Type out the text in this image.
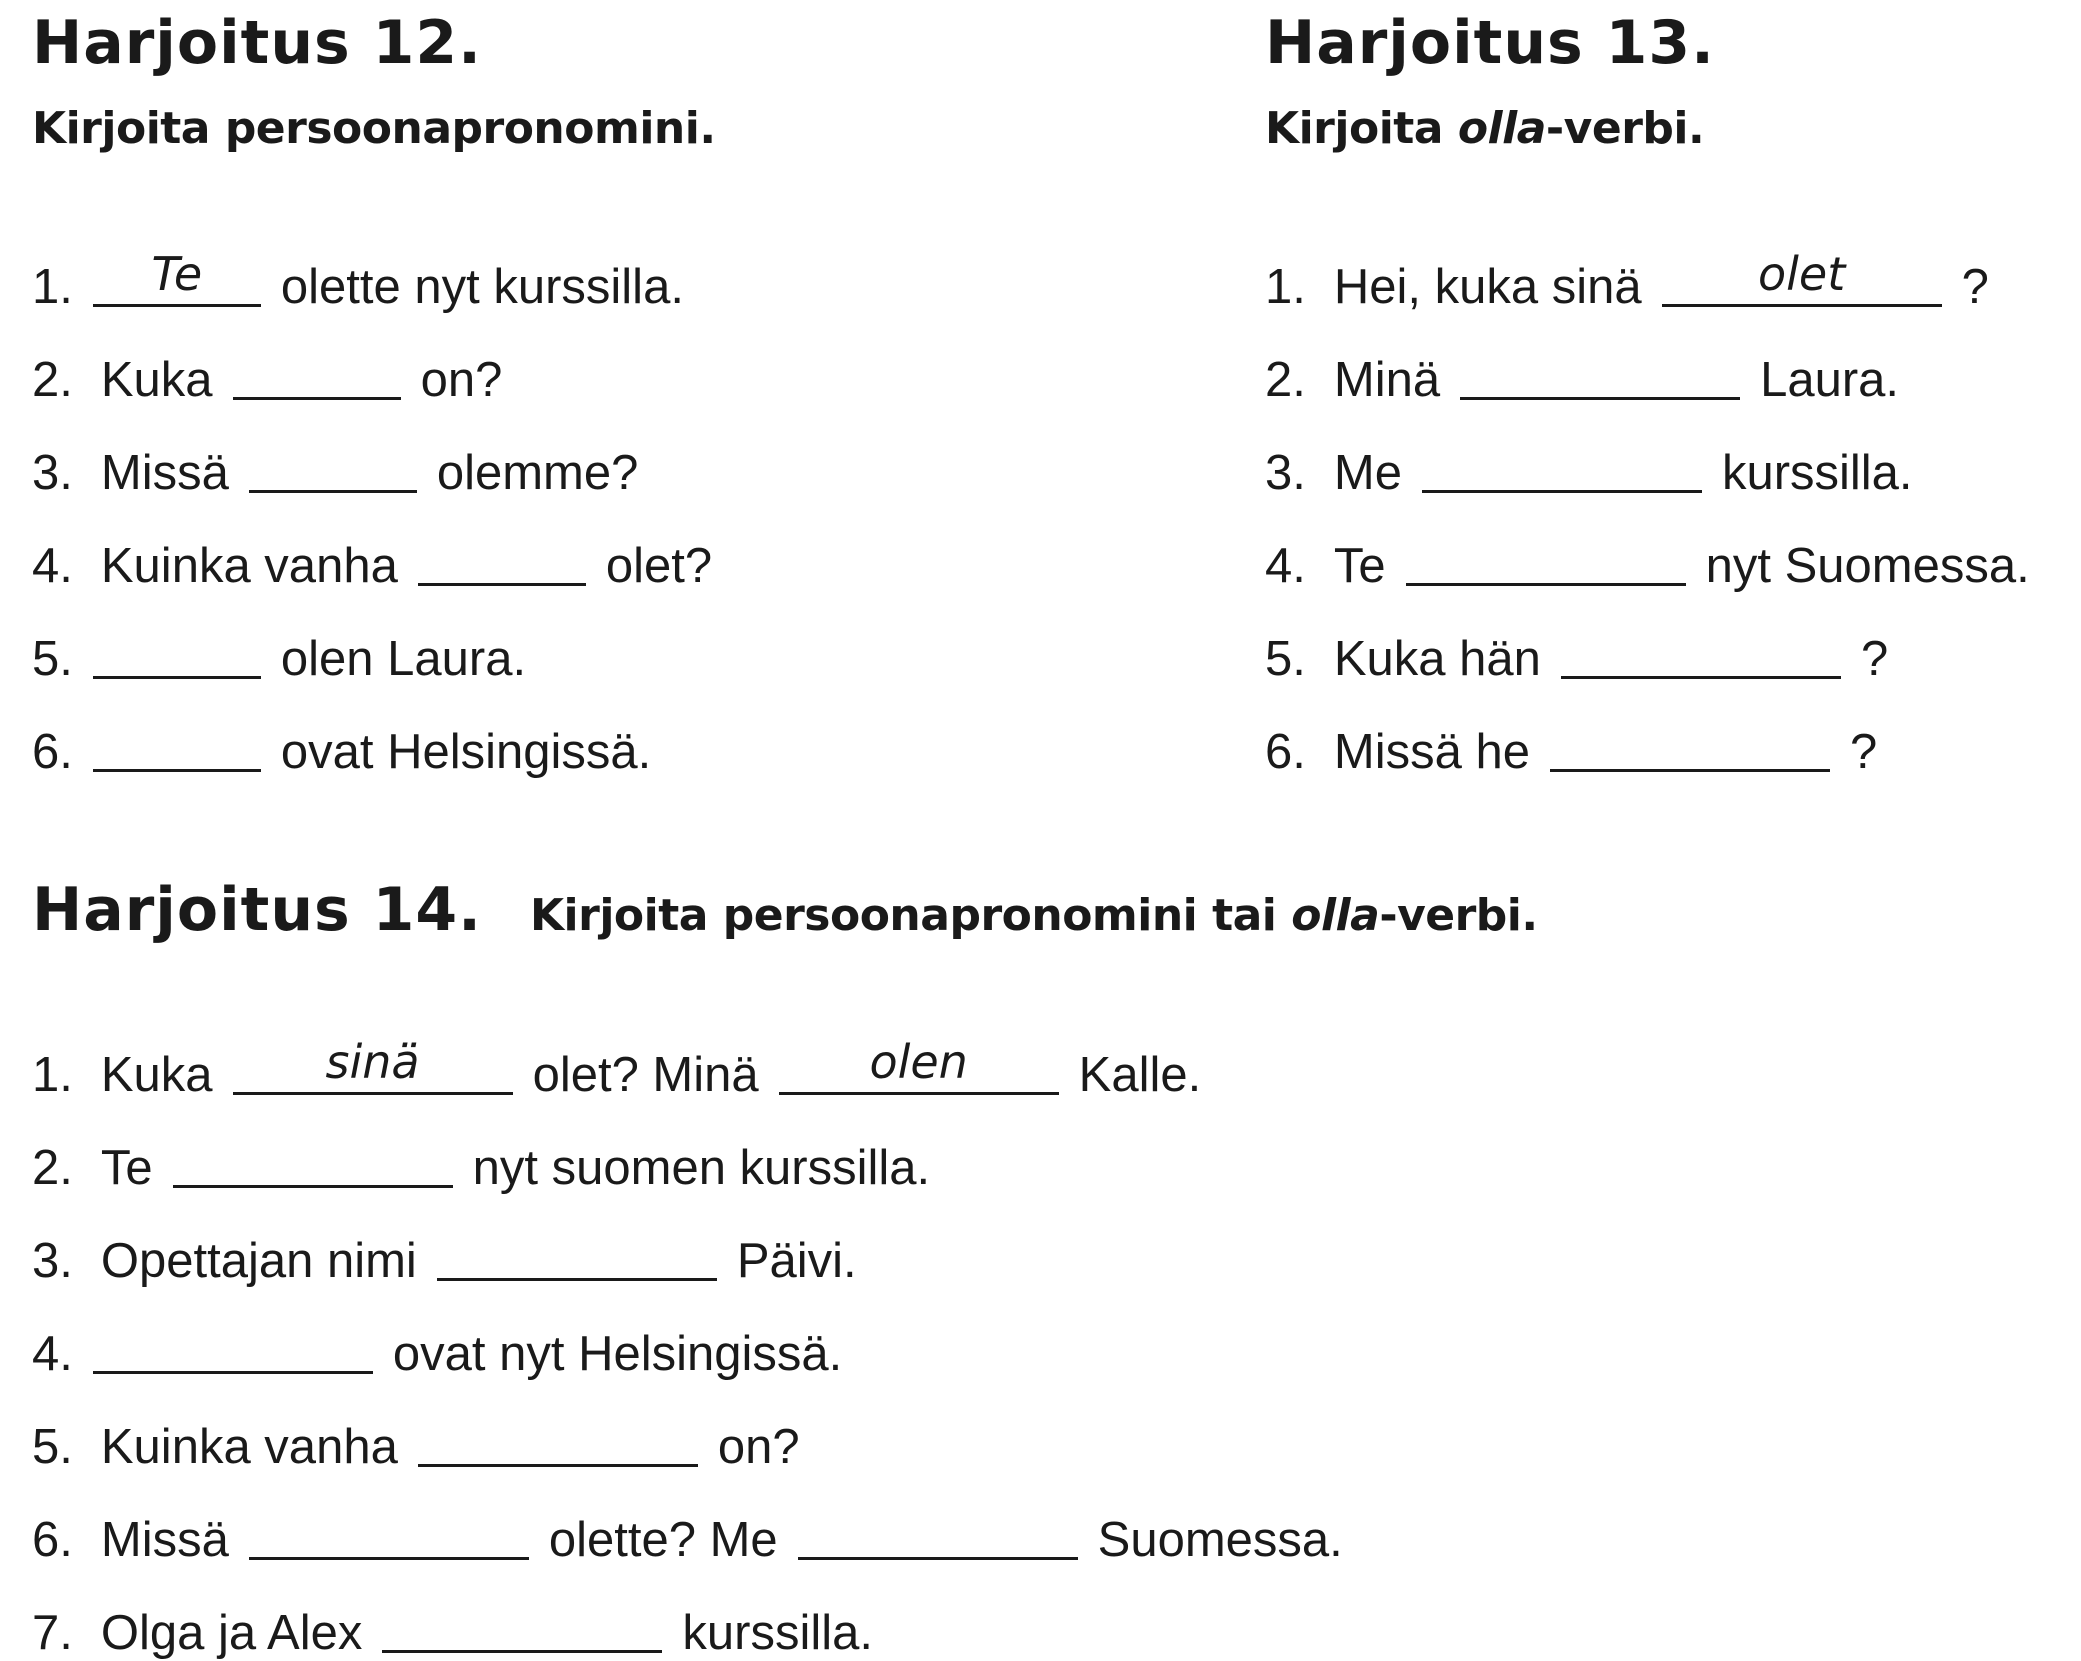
Harjoitus 12.
Kirjoita persoonapronomini.
1.	Te	olette nyt kurssilla.
2. Kuka	on?
3. Missä	olemme?
4. Kuinka vanha	olet?
5.	olen Laura.
6.	ovat Helsingissä.
Harjoitus 13.
Kirjoita olla-verbi.
1. Hei, kuka sinä	olet	?
2. Minä	Laura.
3. Me	kurssilla.
4. Te	nyt Suomessa.
5. Kuka hän	?
6. Missä he	?
Harjoitus 14. Kirjoita persoonapronomini tai olla-verbi.
1. Kuka	sinä	olet? Minä	olen	Kalle.
2. Te	nyt suomen kurssilla.
3. Opettajan nimi	Päivi.
4.	ovat nyt Helsingissä.
5. Kuinka vanha	on?
6. Missä	olette? Me	Suomessa.
7. Olga ja Alex	kurssilla.
